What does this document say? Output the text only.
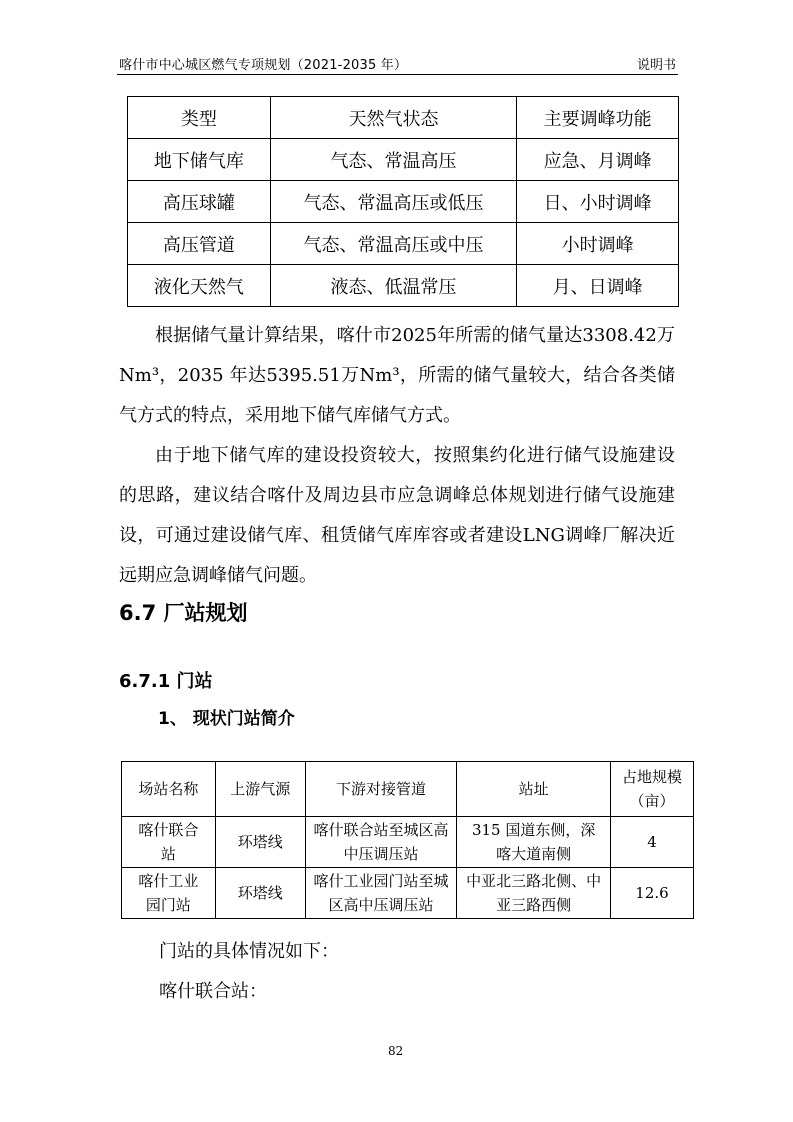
喀什市中心城区燃气专项规划（2021-2035 年）	说明书
类型	天然气状态	主要调峰功能
地下储气库	气态、常温高压	应急、月调峰
高压球罐	气态、常温高压或低压	日、小时调峰
高压管道	气态、常温高压或中压	小时调峰
液化天然气	液态、低温常压	月、日调峰

根据储气量计算结果，喀什市2025年所需的储气量达3308.42万Nm³，2035 年达5395.51万Nm³，所需的储气量较大，结合各类储气方式的特点，采用地下储气库储气方式。

由于地下储气库的建设投资较大，按照集约化进行储气设施建设的思路，建议结合喀什及周边县市应急调峰总体规划进行储气设施建设，可通过建设储气库、租赁储气库库容或者建设LNG调峰厂解决近远期应急调峰储气问题。

6.7 厂站规划
6.7.1 门站
1、 现状门站简介
场站名称	上游气源	下游对接管道	站址	占地规模（亩）
喀什联合站	环塔线	喀什联合站至城区高中压调压站	315 国道东侧，深喀大道南侧	4
喀什工业园门站	环塔线	喀什工业园门站至城区高中压调压站	中亚北三路北侧、中亚三路西侧	12.6
门站的具体情况如下：
喀什联合站：
82
